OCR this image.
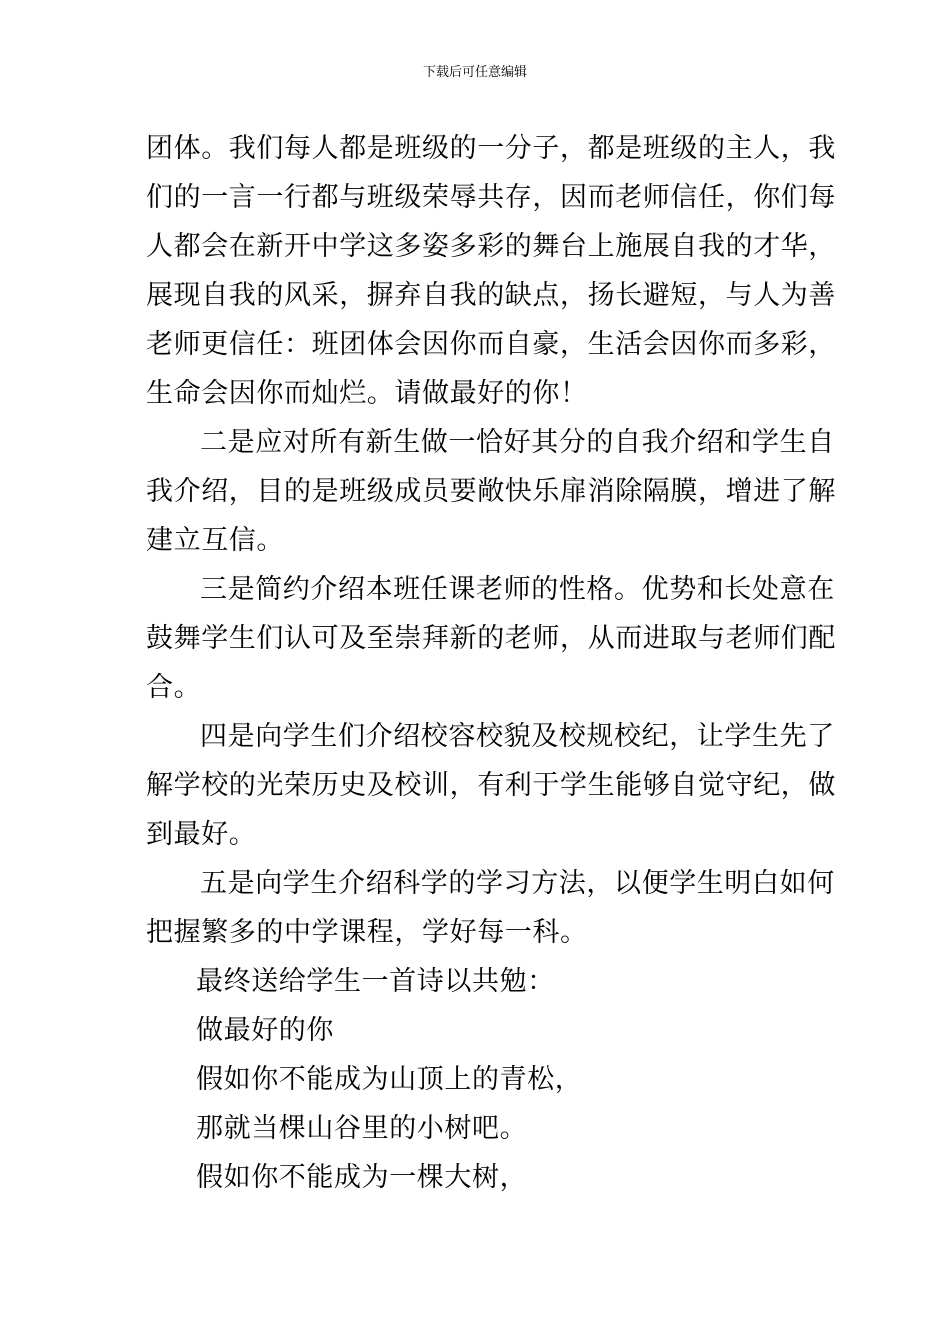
下载后可任意编辑
团体。我们每人都是班级的一分子，都是班级的主人，我
们的一言一行都与班级荣辱共存，因而老师信任，你们每
人都会在新开中学这多姿多彩的舞台上施展自我的才华，
展现自我的风采，摒弃自我的缺点，扬长避短，与人为善
老师更信任：班团体会因你而自豪，生活会因你而多彩，
生命会因你而灿烂。请做最好的你！
二是应对所有新生做一恰好其分的自我介绍和学生自
我介绍，目的是班级成员要敞快乐扉消除隔膜，增进了解
建立互信。
三是简约介绍本班任课老师的性格。优势和长处意在
鼓舞学生们认可及至崇拜新的老师，从而进取与老师们配
合。
四是向学生们介绍校容校貌及校规校纪，让学生先了
解学校的光荣历史及校训，有利于学生能够自觉守纪，做
到最好。
五是向学生介绍科学的学习方法，以便学生明白如何
把握繁多的中学课程，学好每一科。
最终送给学生一首诗以共勉：
做最好的你
假如你不能成为山顶上的青松，
那就当棵山谷里的小树吧。
假如你不能成为一棵大树，
